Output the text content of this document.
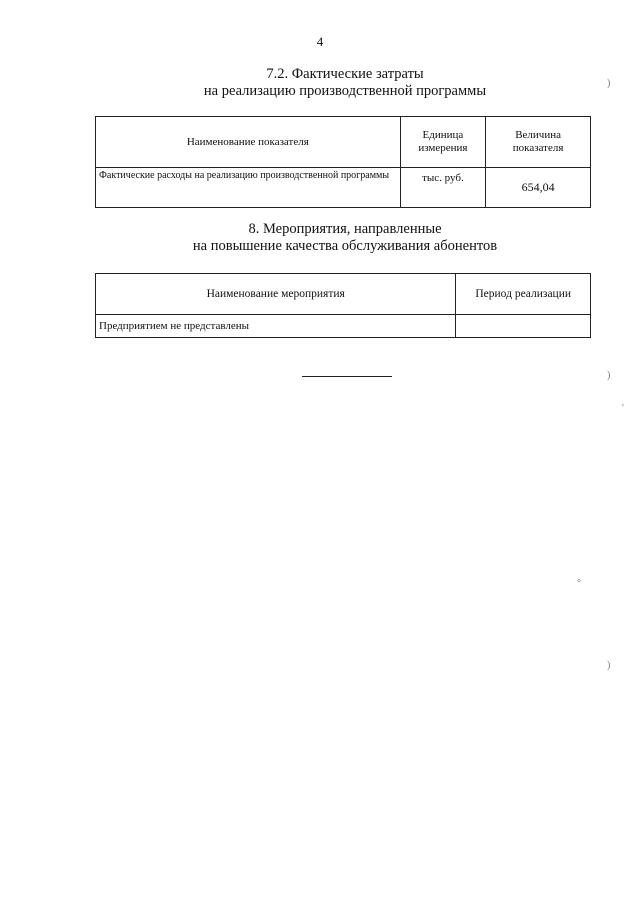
4
7.2. Фактические затраты
на реализацию производственной программы
Наименование показателя	Единица измерения	Величина показателя
Фактические расходы на реализацию производственной программы	тыс. руб.	654,04
8. Мероприятия, направленные
на повышение качества обслуживания абонентов
Наименование мероприятия	Период реализации
Предприятием не представлены	
)
)
'
)
°
